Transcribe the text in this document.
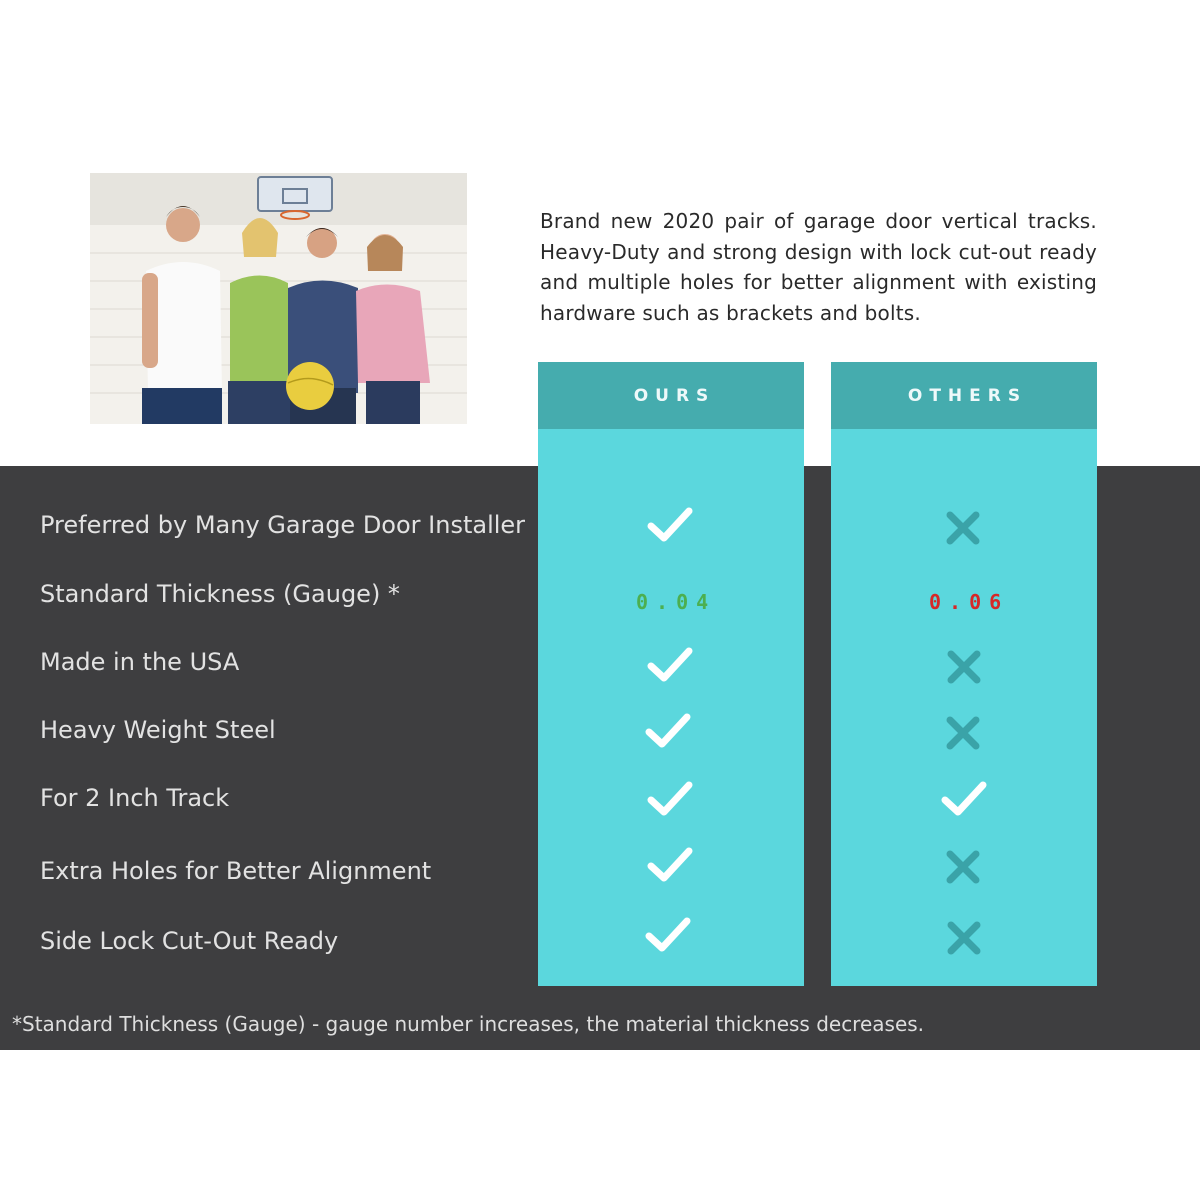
Brand new 2020 pair of garage door vertical tracks. Heavy-Duty and strong design with lock cut-out ready and multiple holes for better alignment with existing hardware such as brackets and bolts.

OURS	OTHERS
Preferred by Many Garage Door Installer
Standard Thickness (Gauge) *
Made in the USA
Heavy Weight Steel
For 2 Inch Track
Extra Holes for Better Alignment
Side Lock Cut-Out Ready
0.04	0.06
*Standard Thickness (Gauge) - gauge number increases, the material thickness decreases.
